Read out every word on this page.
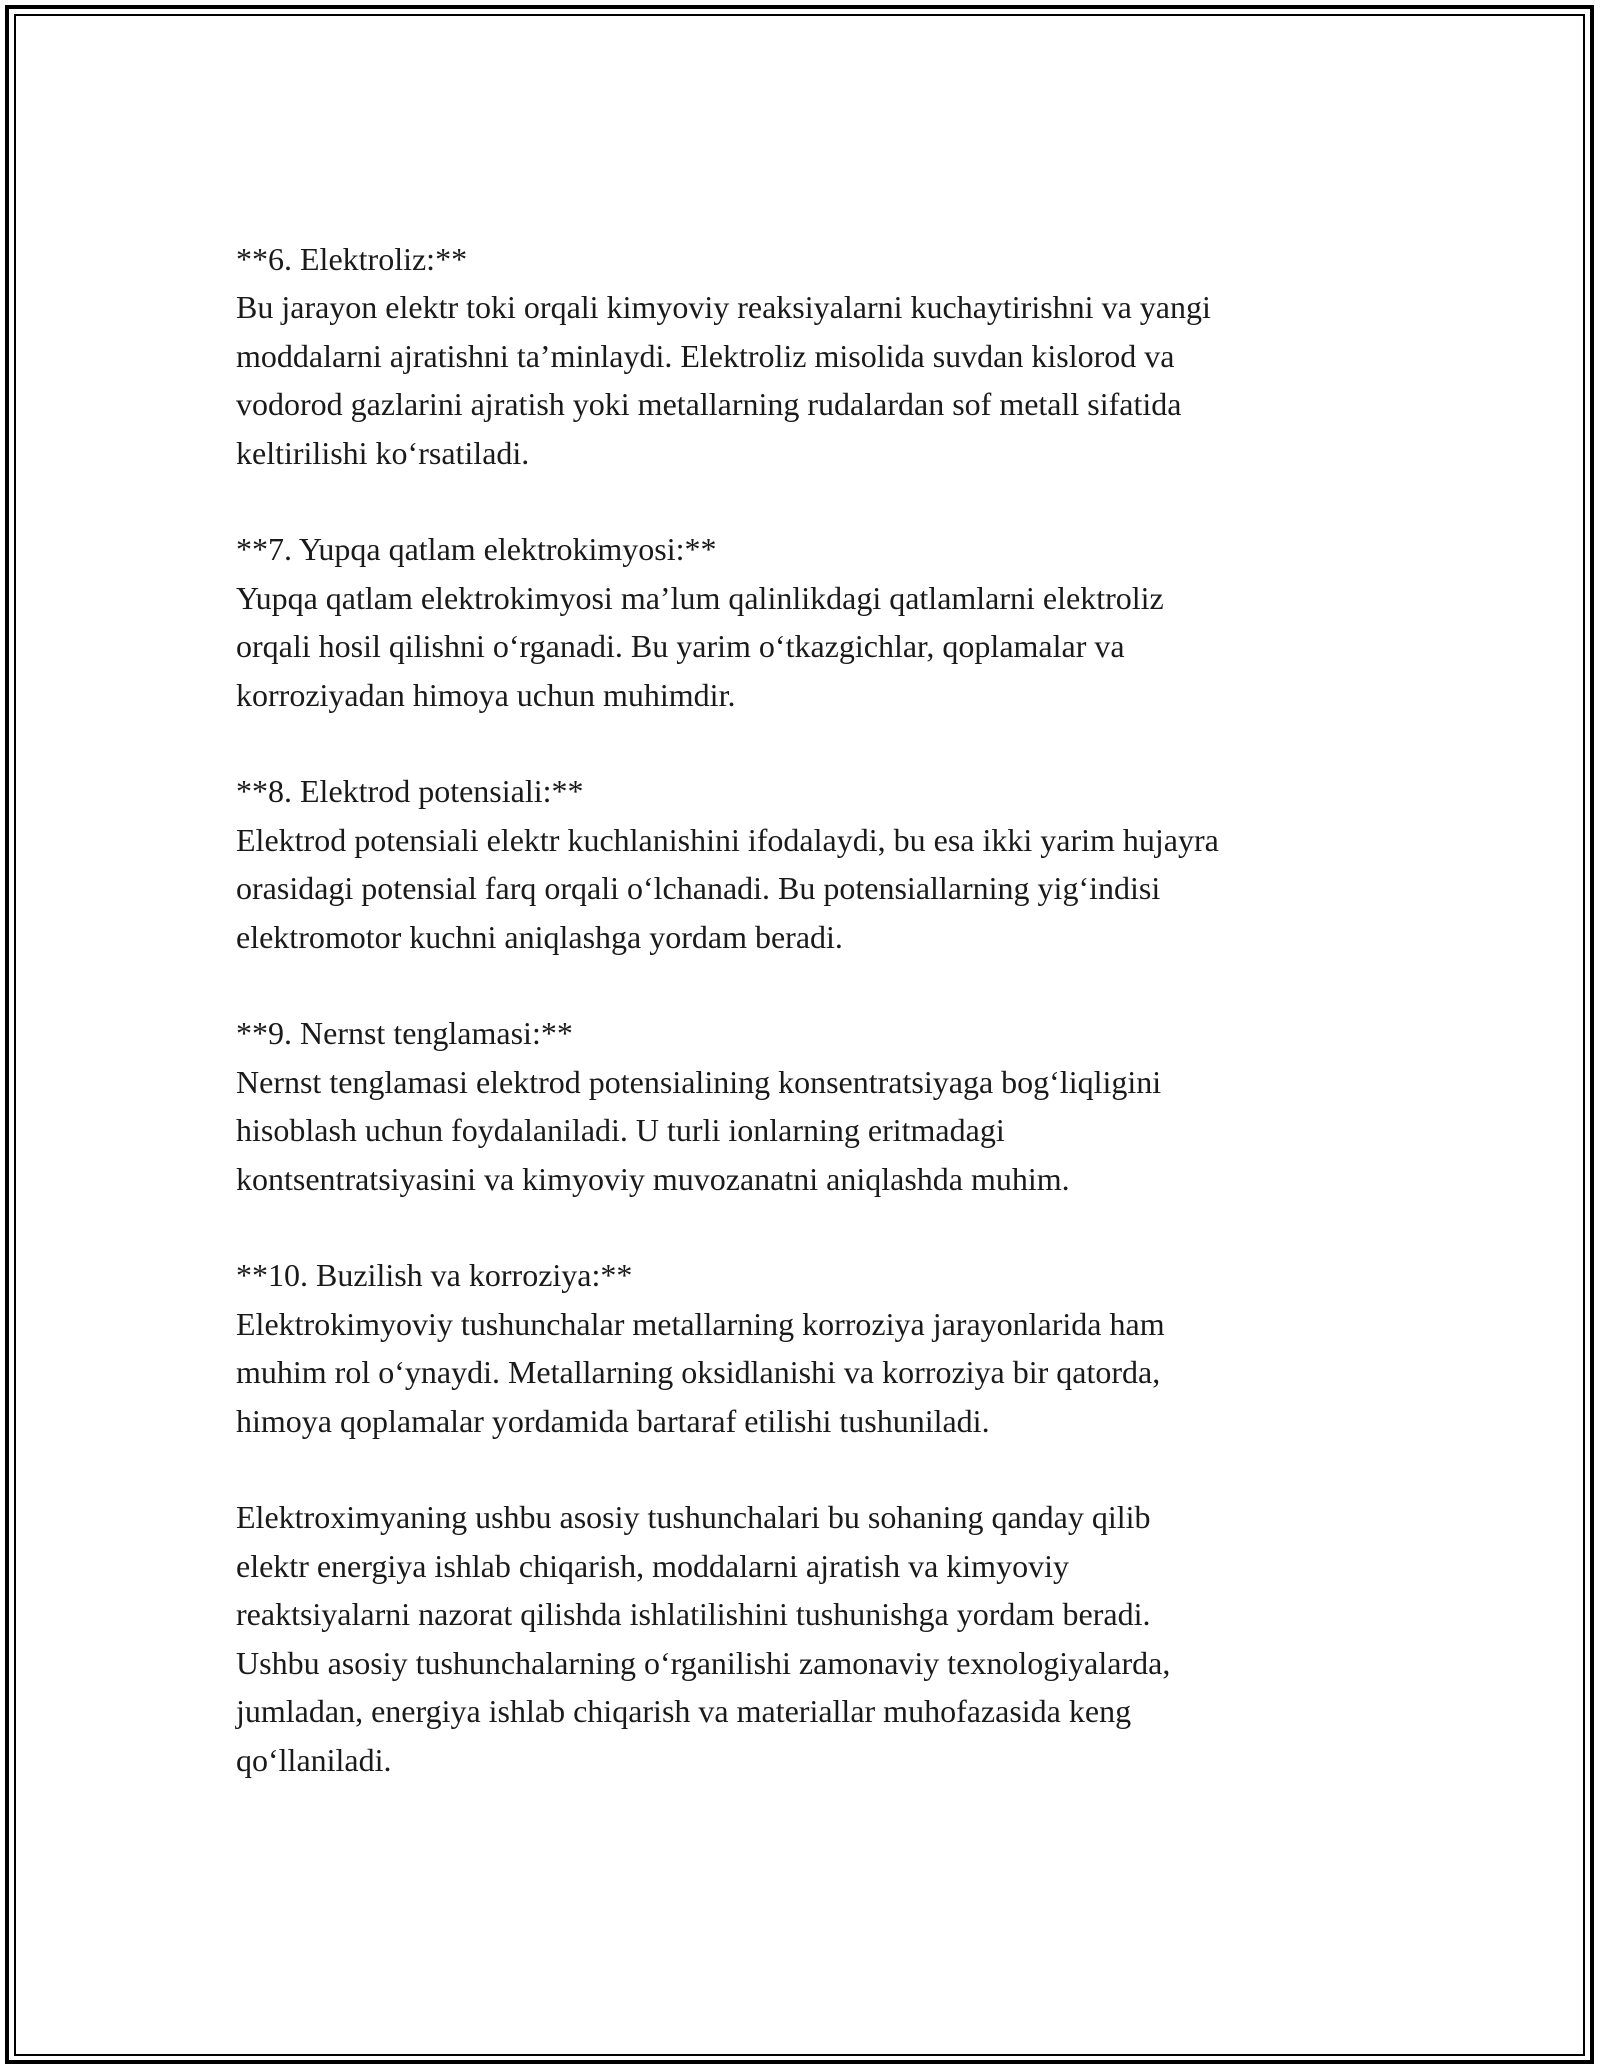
**6. Elektroliz:**

Bu jarayon elektr toki orqali kimyoviy reaksiyalarni kuchaytirishni va yangi
moddalarni ajratishni ta’minlaydi. Elektroliz misolida suvdan kislorod va
vodorod gazlarini ajratish yoki metallarning rudalardan sof metall sifatida
keltirilishi ko‘rsatiladi.

**7. Yupqa qatlam elektrokimyosi:**

Yupqa qatlam elektrokimyosi ma’lum qalinlikdagi qatlamlarni elektroliz
orqali hosil qilishni o‘rganadi. Bu yarim o‘tkazgichlar, qoplamalar va
korroziyadan himoya uchun muhimdir.

**8. Elektrod potensiali:**

Elektrod potensiali elektr kuchlanishini ifodalaydi, bu esa ikki yarim hujayra
orasidagi potensial farq orqali o‘lchanadi. Bu potensiallarning yig‘indisi
elektromotor kuchni aniqlashga yordam beradi.

**9. Nernst tenglamasi:**

Nernst tenglamasi elektrod potensialining konsentratsiyaga bog‘liqligini
hisoblash uchun foydalaniladi. U turli ionlarning eritmadagi
kontsentratsiyasini va kimyoviy muvozanatni aniqlashda muhim.

**10. Buzilish va korroziya:**

Elektrokimyoviy tushunchalar metallarning korroziya jarayonlarida ham
muhim rol o‘ynaydi. Metallarning oksidlanishi va korroziya bir qatorda,
himoya qoplamalar yordamida bartaraf etilishi tushuniladi.

Elektroximyaning ushbu asosiy tushunchalari bu sohaning qanday qilib
elektr energiya ishlab chiqarish, moddalarni ajratish va kimyoviy
reaktsiyalarni nazorat qilishda ishlatilishini tushunishga yordam beradi.
Ushbu asosiy tushunchalarning o‘rganilishi zamonaviy texnologiyalarda,
jumladan, energiya ishlab chiqarish va materiallar muhofazasida keng
qo‘llaniladi.
